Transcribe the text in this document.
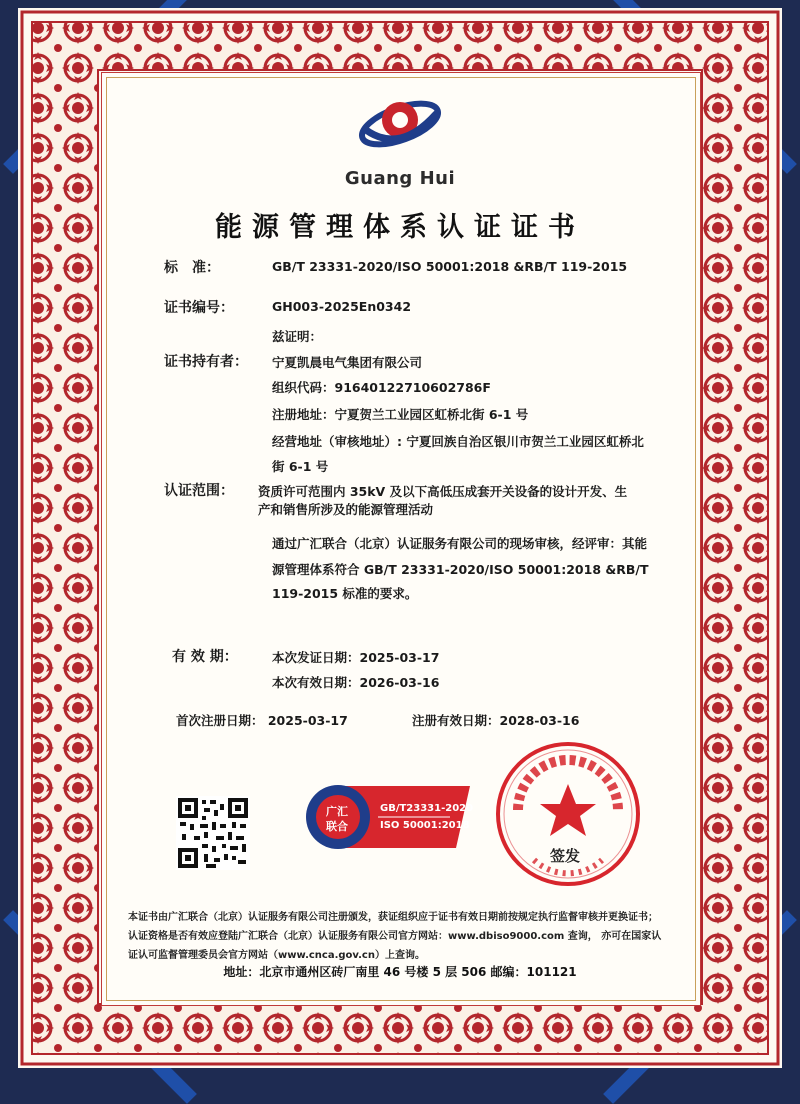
Guang Hui
能源管理体系认证证书
标　准：	GB/T 23331-2020/ISO 50001:2018 &RB/T 119-2015
证书编号：	GH003-2025En0342
兹证明：
证书持有者： 宁夏凯晨电气集团有限公司
组织代码：91640122710602786F
注册地址：宁夏贺兰工业园区虹桥北街 6-1 号
经营地址（审核地址）: 宁夏回族自治区银川市贺兰工业园区虹桥北
街 6-1 号
认证范围： 资质许可范围内 35kV 及以下高低压成套开关设备的设计开发、生
产和销售所涉及的能源管理活动
通过广汇联合（北京）认证服务有限公司的现场审核，经评审：其能
源管理体系符合 GB/T 23331-2020/ISO 50001:2018 &RB/T
119-2015 标准的要求。
有 效 期：	本次发证日期：2025-03-17
本次有效日期：2026-03-16
首次注册日期： 2025-03-17	注册有效日期：2028-03-16
广汇
联合
GB/T23331-2020
ISO 50001:2018
签发
本证书由广汇联合（北京）认证服务有限公司注册颁发，获证组织应于证书有效日期前按规定执行监督审核并更换证书；
认证资格是否有效应登陆广汇联合（北京）认证服务有限公司官方网站：www.dbiso9000.com 查询， 亦可在国家认
证认可监督管理委员会官方网站（www.cnca.gov.cn）上查询。
地址：北京市通州区砖厂南里 46 号楼 5 层 506 邮编：101121
